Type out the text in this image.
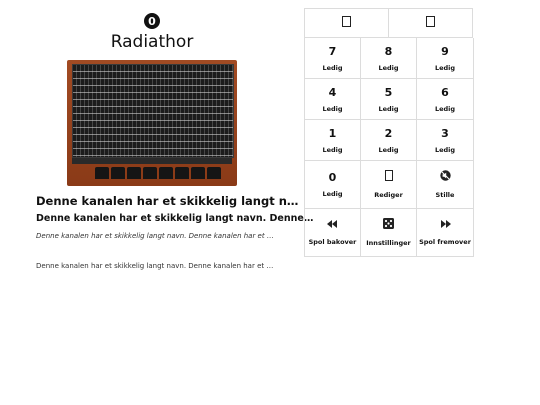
0
Radiathor
Denne kanalen har et skikkelig langt n…
Denne kanalen har et skikkelig langt navn. Denne…
Denne kanalen har et skikkelig langt navn. Denne kanalen har et …
Denne kanalen har et skikkelig langt navn. Denne kanalen har et …
7
Ledig
8
Ledig
9
Ledig
4
Ledig
5
Ledig
6
Ledig
1
Ledig
2
Ledig
3
Ledig
0
Ledig	Rediger	Stille
Spol bakover Innstillinger Spol fremover
